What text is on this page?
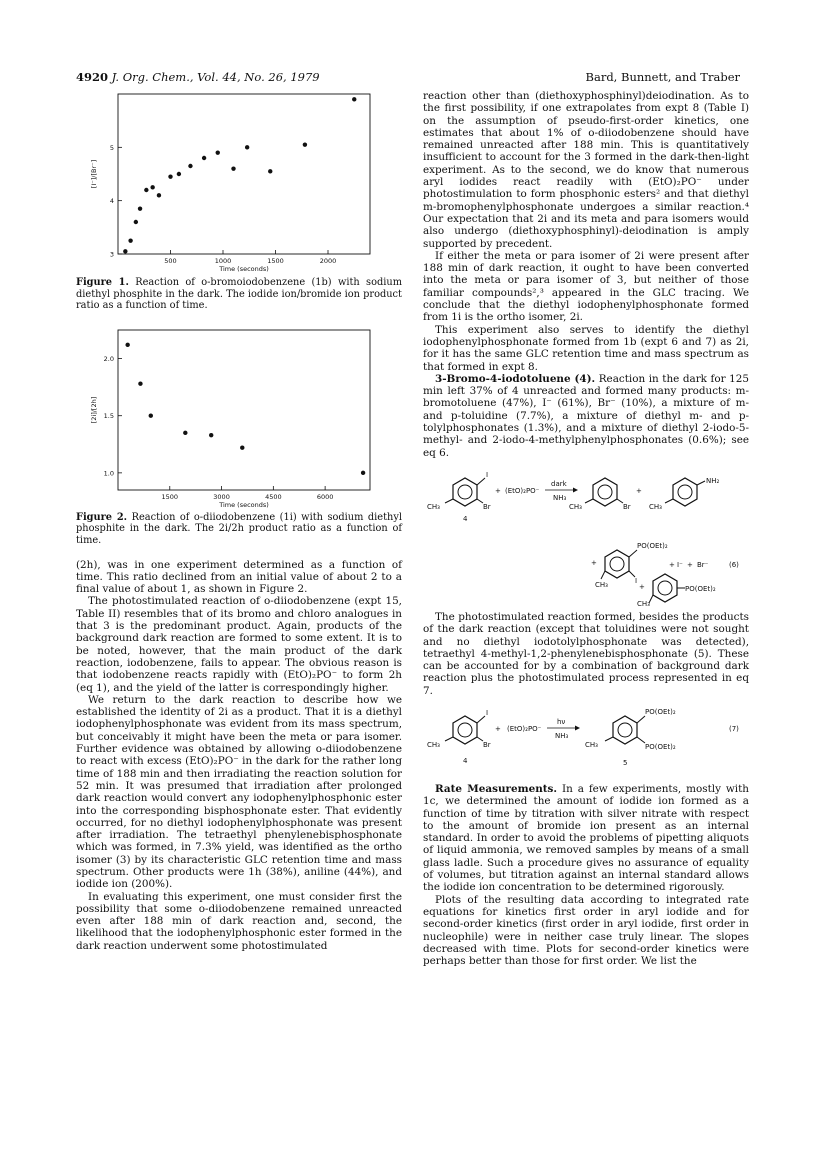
4920 J. Org. Chem., Vol. 44, No. 26, 1979	Bard, Bunnett, and Traber
500	1000	1500	2000
3
4
5
Time (seconds)
[I⁻]/[Br⁻]
Figure 1. Reaction of o-bromoiodobenzene (1b) with sodium diethyl phosphite in the dark. The iodide ion/bromide ion product ratio as a function of time.
1500	3000	4500	6000
1.0
1.5
2.0
Time (seconds)
[2i]/[2h]
Figure 2. Reaction of o-diiodobenzene (1i) with sodium diethyl phosphite in the dark. The 2i/2h product ratio as a function of time.

(2h), was in one experiment determined as a function of time. This ratio declined from an initial value of about 2 to a final value of about 1, as shown in Figure 2.

The photostimulated reaction of o-diiodobenzene (expt 15, Table II) resembles that of its bromo and chloro analogues in that 3 is the predominant product. Again, products of the background dark reaction are formed to some extent. It is to be noted, however, that the main product of the dark reaction, iodobenzene, fails to appear. The obvious reason is that iodobenzene reacts rapidly with (EtO)₂PO⁻ to form 2h (eq 1), and the yield of the latter is correspondingly higher.

We return to the dark reaction to describe how we established the identity of 2i as a product. That it is a diethyl iodophenylphosphonate was evident from its mass spectrum, but conceivably it might have been the meta or para isomer. Further evidence was obtained by allowing o-diiodobenzene to react with excess (EtO)₂PO⁻ in the dark for the rather long time of 188 min and then irradiating the reaction solution for 52 min. It was presumed that irradiation after prolonged dark reaction would convert any iodophenylphosphonic ester into the corresponding bisphosphonate ester. That evidently occurred, for no diethyl iodophenylphosphonate was present after irradiation. The tetraethyl phenylenebisphosphonate which was formed, in 7.3% yield, was identified as the ortho isomer (3) by its characteristic GLC retention time and mass spectrum. Other products were 1h (38%), aniline (44%), and iodide ion (200%).

In evaluating this experiment, one must consider first the possibility that some o-diiodobenzene remained unreacted even after 188 min of dark reaction and, second, the likelihood that the iodophenylphosphonic ester formed in the dark reaction underwent some photostimulated

reaction other than (diethoxyphosphinyl)deiodination. As to the first possibility, if one extrapolates from expt 8 (Table I) on the assumption of pseudo-first-order kinetics, one estimates that about 1% of o-diiodobenzene should have remained unreacted after 188 min. This is quantitatively insufficient to account for the 3 formed in the dark-then-light experiment. As to the second, we do know that numerous aryl iodides react readily with (EtO)₂PO⁻ under photostimulation to form phosphonic esters² and that diethyl m-bromophenylphosphonate undergoes a similar reaction.⁴ Our expectation that 2i and its meta and para isomers would also undergo (diethoxyphosphinyl)-deiodination is amply supported by precedent.

If either the meta or para isomer of 2i were present after 188 min of dark reaction, it ought to have been converted into the meta or para isomer of 3, but neither of those familiar compounds²,³ appeared in the GLC tracing. We conclude that the diethyl iodophenylphosphonate formed from 1i is the ortho isomer, 2i.

This experiment also serves to identify the diethyl iodophenylphosphonate formed from 1b (expt 6 and 7) as 2i, for it has the same GLC retention time and mass spectrum as that formed in expt 8.

3-Bromo-4-iodotoluene (4). Reaction in the dark for 125 min left 37% of 4 unreacted and formed many products: m-bromotoluene (47%), I⁻ (61%), Br⁻ (10%), a mixture of m- and p-toluidine (7.7%), a mixture of diethyl m- and p-tolylphosphonates (1.3%), and a mixture of diethyl 2-iodo-5-methyl- and 2-iodo-4-methylphenylphosphonates (0.6%); see eq 6.

I
Br
CH₃
4
+ (EtO)₂PO⁻
dark
NH₃
Br
CH₃
+
NH₂
CH₃
+
PO(OEt)₂
I
CH₃
+ I⁻ + Br⁻	(6)
+	PO(OEt)₂
CH₃

The photostimulated reaction formed, besides the products of the dark reaction (except that toluidines were not sought and no diethyl iodotolylphosphonate was detected), tetraethyl 4-methyl-1,2-phenylenebisphosphonate (5). These can be accounted for by a combination of background dark reaction plus the photostimulated process represented in eq 7.

I
Br
CH₃
4
+ (EtO)₂PO⁻
hν
NH₃
PO(OEt)₂
PO(OEt)₂
CH₃
5
(7)

Rate Measurements. In a few experiments, mostly with 1c, we determined the amount of iodide ion formed as a function of time by titration with silver nitrate with respect to the amount of bromide ion present as an internal standard. In order to avoid the problems of pipetting aliquots of liquid ammonia, we removed samples by means of a small glass ladle. Such a procedure gives no assurance of equality of volumes, but titration against an internal standard allows the iodide ion concentration to be determined rigorously.

Plots of the resulting data according to integrated rate equations for kinetics first order in aryl iodide and for second-order kinetics (first order in aryl iodide, first order in nucleophile) were in neither case truly linear. The slopes decreased with time. Plots for second-order kinetics were perhaps better than those for first order. We list the
